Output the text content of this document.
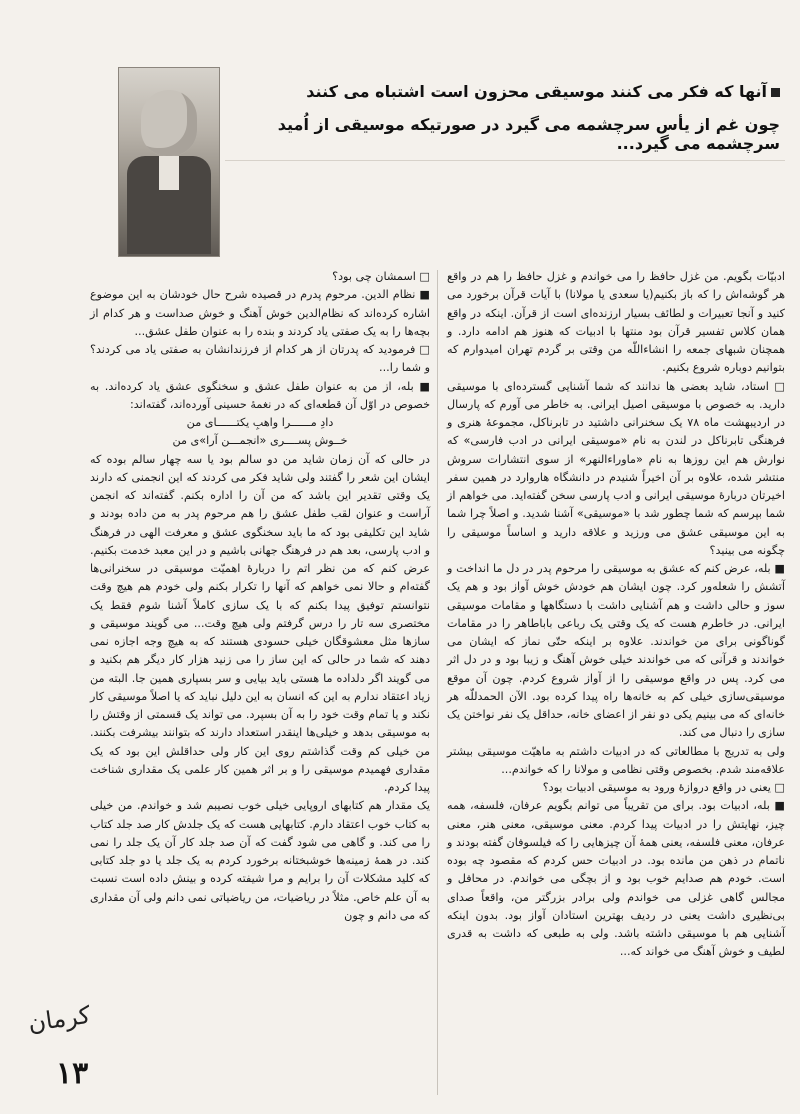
آنها که فکر می کنند موسیقی محزون است اشتباه می کنند
چون غم از یأس سرچشمه می گیرد در صورتیکه موسیقی از اُمید سرچشمه می گیرد...

ادبیّات بگویم. من غزل حافظ را می خواندم و غزل حافظ را هم در واقع هر گوشه‌اش را که باز بکنیم(یا سعدی یا مولانا) با آیات قرآن برخورد می کنید و آنجا تعبیرات و لطائف بسیار ارزنده‌ای است از قرآن. اینکه در واقع همان کلاس تفسیر قرآن بود منتها با ادبیات که هنوز هم ادامه دارد. و همچنان شبهای جمعه را انشاءاللّه من وقتی بر گردم تهران امیدوارم که بتوانیم دوباره شروع بکنیم.

□ استاد، شاید بعضی ها ندانند که شما آشنایی گسترده‌ای با موسیقی دارید. به خصوص با موسیقی اصیل ایرانی. به خاطر می آورم که پارسال در اردیبهشت ماه ۷۸ یک سخنرانی داشتید در تابرناکل، مجموعهٔ هنری و فرهنگی تابرناکل در لندن به نام «موسیقی ایرانی در ادب فارسی» که نوارش هم این روزها به نام «ماوراءالنهر» از سوی انتشارات سروش منتشر شده، علاوه بر آن اخیراً شنیدم در دانشگاه هاروارد در همین سفر اخیرتان دربارهٔ موسیقی ایرانی و ادب پارسی سخن گفته‌اید. می خواهم از شما بپرسم که شما چطور شد با «موسیقی» آشنا شدید. و اصلاً چرا شما به این موسیقی عشق می ورزید و علاقه دارید و اساساً موسیقی را چگونه می بینید؟

■ بله، عرض کنم که عشق به موسیقی را مرحوم پدر در دل ما انداخت و آتشش را شعله‌ور کرد. چون ایشان هم خودش خوش آواز بود و هم یک سوز و حالی داشت و هم آشنایی داشت با دستگاهها و مقامات موسیقی ایرانی. در خاطرم هست که یک وقتی یک رباعی باباطاهر را در مقامات گوناگونی برای من خواندند. علاوه بر اینکه حتّی نماز که ایشان می خواندند و قرآنی که می خواندند خیلی خوش آهنگ و زیبا بود و در دل اثر می کرد. پس در واقع موسیقی را از آواز شروع کردم. چون آن موقع موسیقی‌سازی خیلی کم به خانه‌ها راه پیدا کرده بود. الآن الحمدللّه هر خانه‌ای که می بینیم یکی دو نفر از اعضای خانه، حداقل یک نفر نواختن یک سازی را دنبال می کند.

ولی به تدریج با مطالعاتی که در ادبیات داشتم به ماهیّت موسیقی بیشتر علاقه‌مند شدم. بخصوص وقتی نظامی و مولانا را که خواندم...

□ یعنی در واقع دروازهٔ ورود به موسیقی ادبیات بود؟

■ بله، ادبیات بود. برای من تقریباً می توانم بگویم عرفان، فلسفه، همه چیز، نهایتش را در ادبیات پیدا کردم. معنی موسیقی، معنی هنر، معنی عرفان، معنی فلسفه، یعنی همهٔ آن چیزهایی را که فیلسوفان گفته بودند و ناتمام در ذهن من مانده بود. در ادبیات حس کردم که مقصود چه بوده است. خودم هم صدایم خوب بود و از بچگی می خواندم. در محافل و مجالس گاهی غزلی می خواندم ولی برادر بزرگتر من، واقعاً صدای بی‌نظیری داشت یعنی در ردیف بهترین استادان آواز بود. بدون اینکه آشنایی هم با موسیقی داشته باشد. ولی به طبعی که داشت به قدری لطیف و خوش آهنگ می خواند که...

□ اسمشان چی بود؟

■ نظام الدین. مرحوم پدرم در قصیده شرح حال خودشان به این موضوع اشاره کرده‌اند که نظام‌الدین خوش آهنگ و خوش صداست و هر کدام از بچه‌ها را به یک صفتی یاد کردند و بنده را به عنوان طفل عشق...

□ فرمودید که پدرتان از هر کدام از فرزندانشان به صفتی یاد می کردند؟ و شما را...

■ بله، از من به عنوان طفل عشق و سخنگوی عشق یاد کرده‌اند. به خصوص در اوّل آن قطعه‌ای که در نغمهٔ حسینی آورده‌اند، گفته‌اند:

دادِ مــــــرا واهبِ یکتــــــای من

خــوش پســــری «انجمـــن آرا»ی من

در حالی که آن زمان شاید من دو سالم بود یا سه چهار سالم بوده که ایشان این شعر را گفتند ولی شاید فکر می کردند که این انجمنی که دارند یک وقتی تقدیر این باشد که من آن را اداره بکنم. گفته‌اند که انجمن آراست و عنوان لقب طفل عشق را هم مرحوم پدر به من داده بودند و شاید این تکلیفی بود که ما باید سخنگوی عشق و معرفت الهی در فرهنگ و ادب پارسی، بعد هم در فرهنگ جهانی باشیم و در این معبد خدمت بکنیم. عرض کنم که من نظر اتم را دربارهٔ اهمیّت موسیقی در سخنرانی‌ها گفته‌ام و حالا نمی خواهم که آنها را تکرار بکنم ولی خودم هم هیچ وقت نتوانستم توفیق پیدا بکنم که با یک سازی کاملاً آشنا شوم فقط یک مختصری سه تار را درس گرفتم ولی هیچ وقت... می گویند موسیقی و سازها مثل معشوقگان خیلی حسودی هستند که به هیچ وجه اجازه نمی دهند که شما در حالی که این ساز را می زنید هزار کار دیگر هم بکنید و می گویند اگر دلداده ما هستی باید بیایی و سر بسپاری همین جا. البته من زیاد اعتقاد ندارم به این که انسان به این دلیل نباید که یا اصلاً موسیقی کار نکند و یا تمام وقت خود را به آن بسپرد. می تواند یک قسمتی از وقتش را به موسیقی بدهد و خیلی‌ها اینقدر استعداد دارند که بتوانند بیشرفت بکنند. من خیلی کم وقت گذاشتم روی این کار ولی حداقلش این بود که یک مقداری فهمیدم موسیقی را و بر اثر همین کار علمی یک مقداری شناخت پیدا کردم.

یک مقدار هم کتابهای اروپایی خیلی خوب نصیبم شد و خواندم. من خیلی به کتاب خوب اعتقاد دارم. کتابهایی هست که یک جلدش کار صد جلد کتاب را می کند. و گاهی می شود گفت که آن صد جلد کار آن یک جلد را نمی کند. در همهٔ زمینه‌ها خوشبختانه برخورد کردم به یک جلد یا دو جلد کتابی که کلید مشکلات آن را برایم و مرا شیفته کرده و بینش داده است نسبت به آن علم خاص. مثلاً در ریاضیات، من ریاضیاتی نمی دانم ولی آن مقداری که می دانم و چون

کرمان
۱۳
